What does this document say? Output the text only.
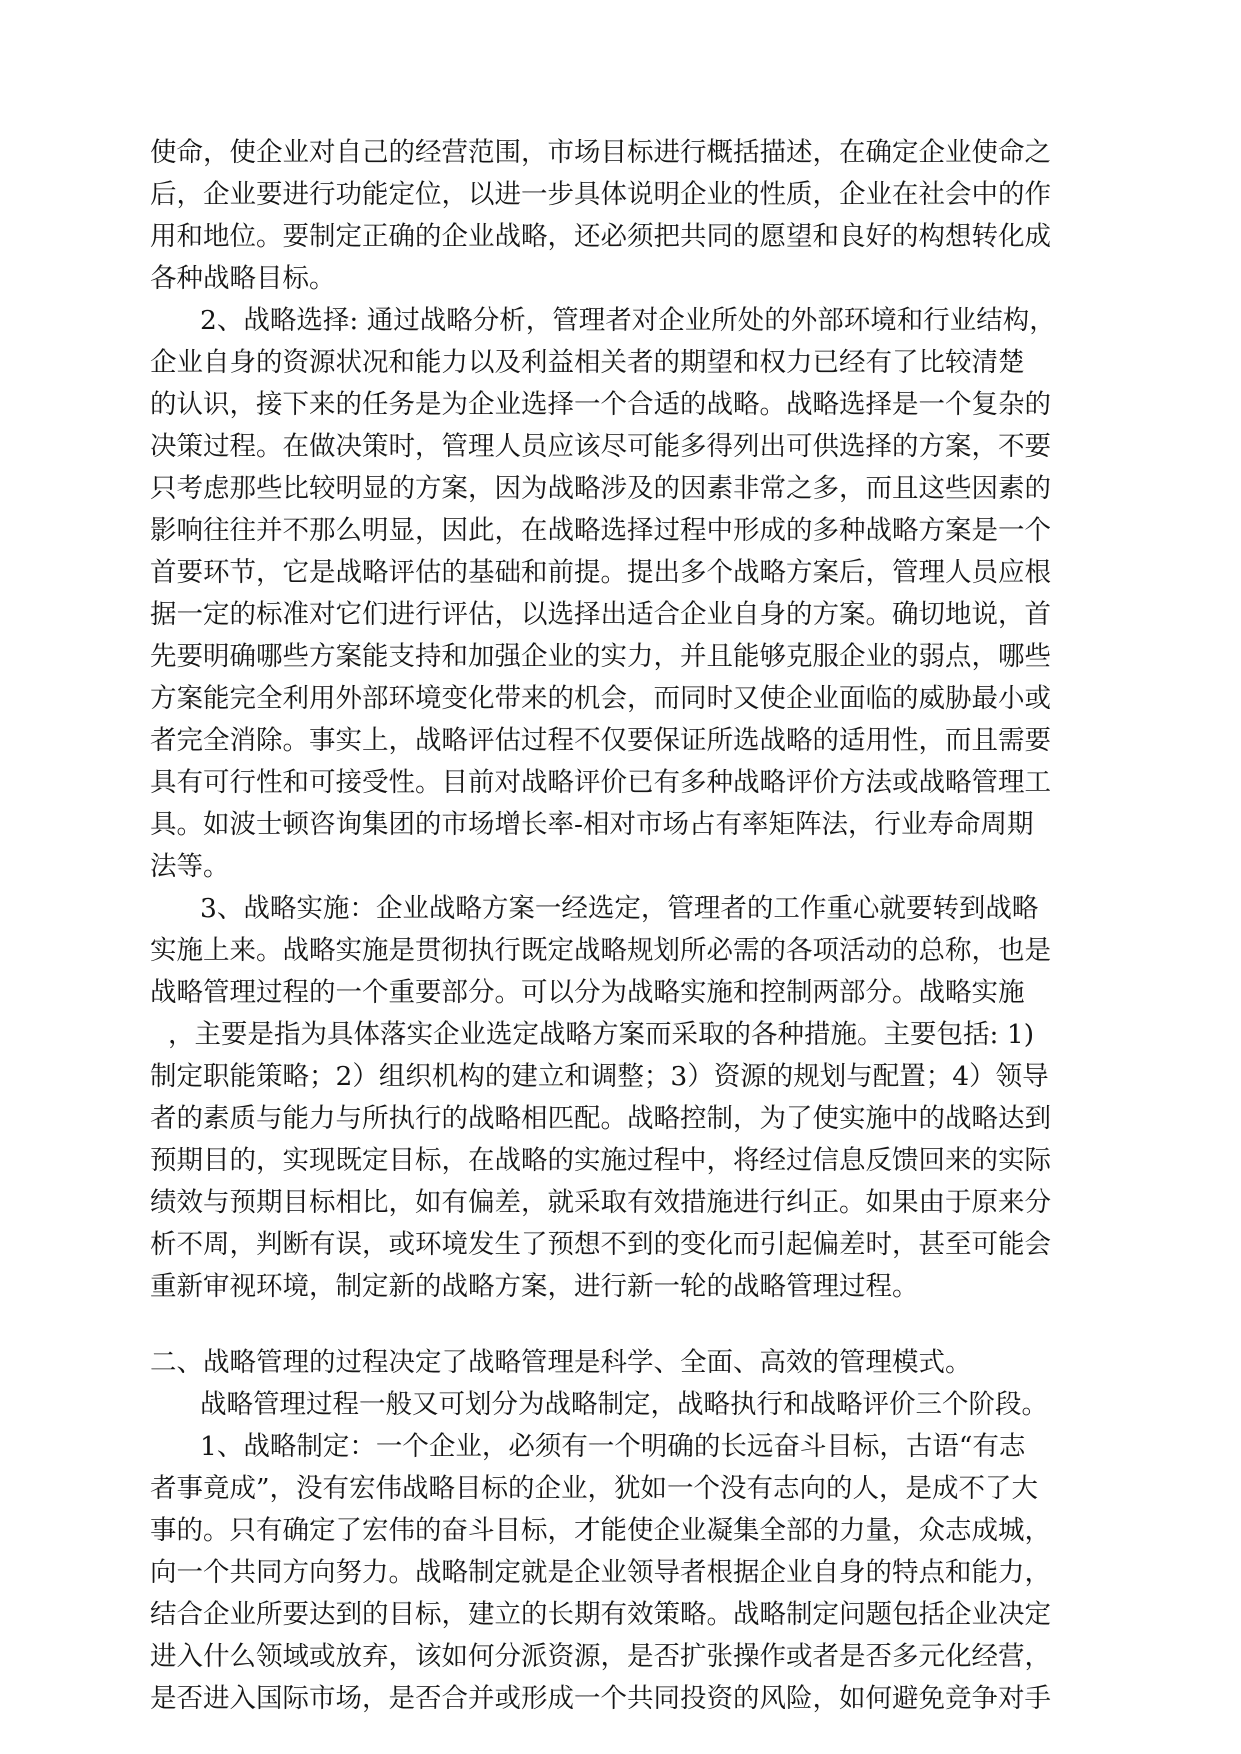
使命，使企业对自己的经营范围，市场目标进行概括描述，在确定企业使命之
后，企业要进行功能定位，以进一步具体说明企业的性质，企业在社会中的作
用和地位。要制定正确的企业战略，还必须把共同的愿望和良好的构想转化成
各种战略目标。
2、战略选择: 通过战略分析，管理者对企业所处的外部环境和行业结构，
企业自身的资源状况和能力以及利益相关者的期望和权力已经有了比较清楚
的认识，接下来的任务是为企业选择一个合适的战略。战略选择是一个复杂的
决策过程。在做决策时，管理人员应该尽可能多得列出可供选择的方案，不要
只考虑那些比较明显的方案，因为战略涉及的因素非常之多，而且这些因素的
影响往往并不那么明显，因此，在战略选择过程中形成的多种战略方案是一个
首要环节，它是战略评估的基础和前提。提出多个战略方案后，管理人员应根
据一定的标准对它们进行评估，以选择出适合企业自身的方案。确切地说，首
先要明确哪些方案能支持和加强企业的实力，并且能够克服企业的弱点，哪些
方案能完全利用外部环境变化带来的机会，而同时又使企业面临的威胁最小或
者完全消除。事实上，战略评估过程不仅要保证所选战略的适用性，而且需要
具有可行性和可接受性。目前对战略评价已有多种战略评价方法或战略管理工
具。如波士顿咨询集团的市场增长率-相对市场占有率矩阵法，行业寿命周期
法等。
3、战略实施：企业战略方案一经选定，管理者的工作重心就要转到战略
实施上来。战略实施是贯彻执行既定战略规划所必需的各项活动的总称，也是
战略管理过程的一个重要部分。可以分为战略实施和控制两部分。战略实施
，主要是指为具体落实企业选定战略方案而采取的各种措施。主要包括: 1)
制定职能策略；2）组织机构的建立和调整；3）资源的规划与配置；4）领导
者的素质与能力与所执行的战略相匹配。战略控制，为了使实施中的战略达到
预期目的，实现既定目标，在战略的实施过程中，将经过信息反馈回来的实际
绩效与预期目标相比，如有偏差，就采取有效措施进行纠正。如果由于原来分
析不周，判断有误，或环境发生了预想不到的变化而引起偏差时，甚至可能会
重新审视环境，制定新的战略方案，进行新一轮的战略管理过程。
二、战略管理的过程决定了战略管理是科学、全面、高效的管理模式。
战略管理过程一般又可划分为战略制定，战略执行和战略评价三个阶段。
1、战略制定：一个企业，必须有一个明确的长远奋斗目标，古语“有志
者事竟成”，没有宏伟战略目标的企业，犹如一个没有志向的人，是成不了大
事的。只有确定了宏伟的奋斗目标，才能使企业凝集全部的力量，众志成城，
向一个共同方向努力。战略制定就是企业领导者根据企业自身的特点和能力，
结合企业所要达到的目标，建立的长期有效策略。战略制定问题包括企业决定
进入什么领域或放弃，该如何分派资源，是否扩张操作或者是否多元化经营，
是否进入国际市场，是否合并或形成一个共同投资的风险，如何避免竞争对手
